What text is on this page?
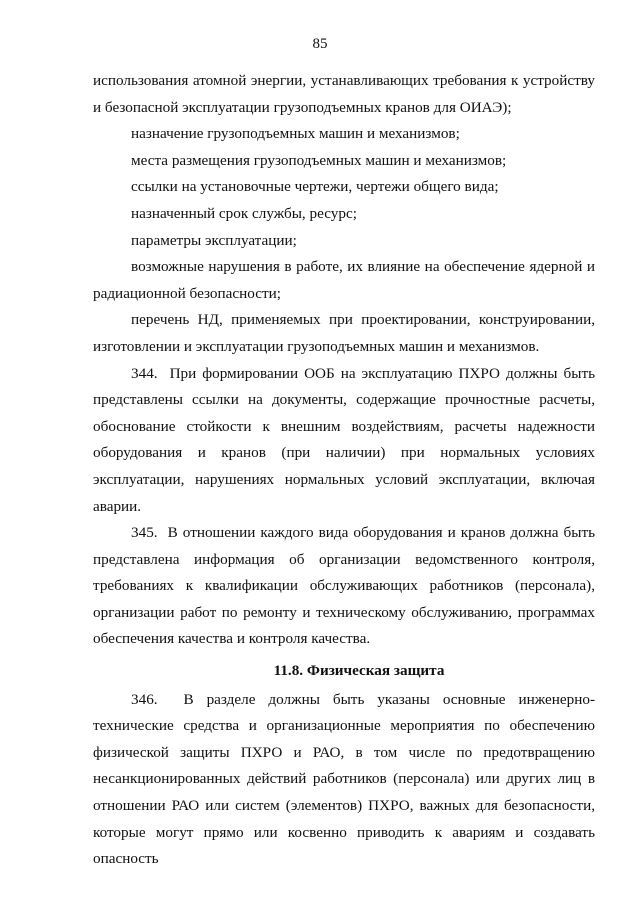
85

использования атомной энергии, устанавливающих требования к устройству и безопасной эксплуатации грузоподъемных кранов для ОИАЭ);

назначение грузоподъемных машин и механизмов;

места размещения грузоподъемных машин и механизмов;

ссылки на установочные чертежи, чертежи общего вида;

назначенный срок службы, ресурс;

параметры эксплуатации;

возможные нарушения в работе, их влияние на обеспечение ядерной и радиационной безопасности;

перечень НД, применяемых при проектировании, конструировании, изготовлении и эксплуатации грузоподъемных машин и механизмов.

344. При формировании ООБ на эксплуатацию ПХРО должны быть представлены ссылки на документы, содержащие прочностные расчеты, обоснование стойкости к внешним воздействиям, расчеты надежности оборудования и кранов (при наличии) при нормальных условиях эксплуатации, нарушениях нормальных условий эксплуатации, включая аварии.

345. В отношении каждого вида оборудования и кранов должна быть представлена информация об организации ведомственного контроля, требованиях к квалификации обслуживающих работников (персонала), организации работ по ремонту и техническому обслуживанию, программах обеспечения качества и контроля качества.

11.8. Физическая защита

346. В разделе должны быть указаны основные инженерно-технические средства и организационные мероприятия по обеспечению физической защиты ПХРО и РАО, в том числе по предотвращению несанкционированных действий работников (персонала) или других лиц в отношении РАО или систем (элементов) ПХРО, важных для безопасности, которые могут прямо или косвенно приводить к авариям и создавать опасность
